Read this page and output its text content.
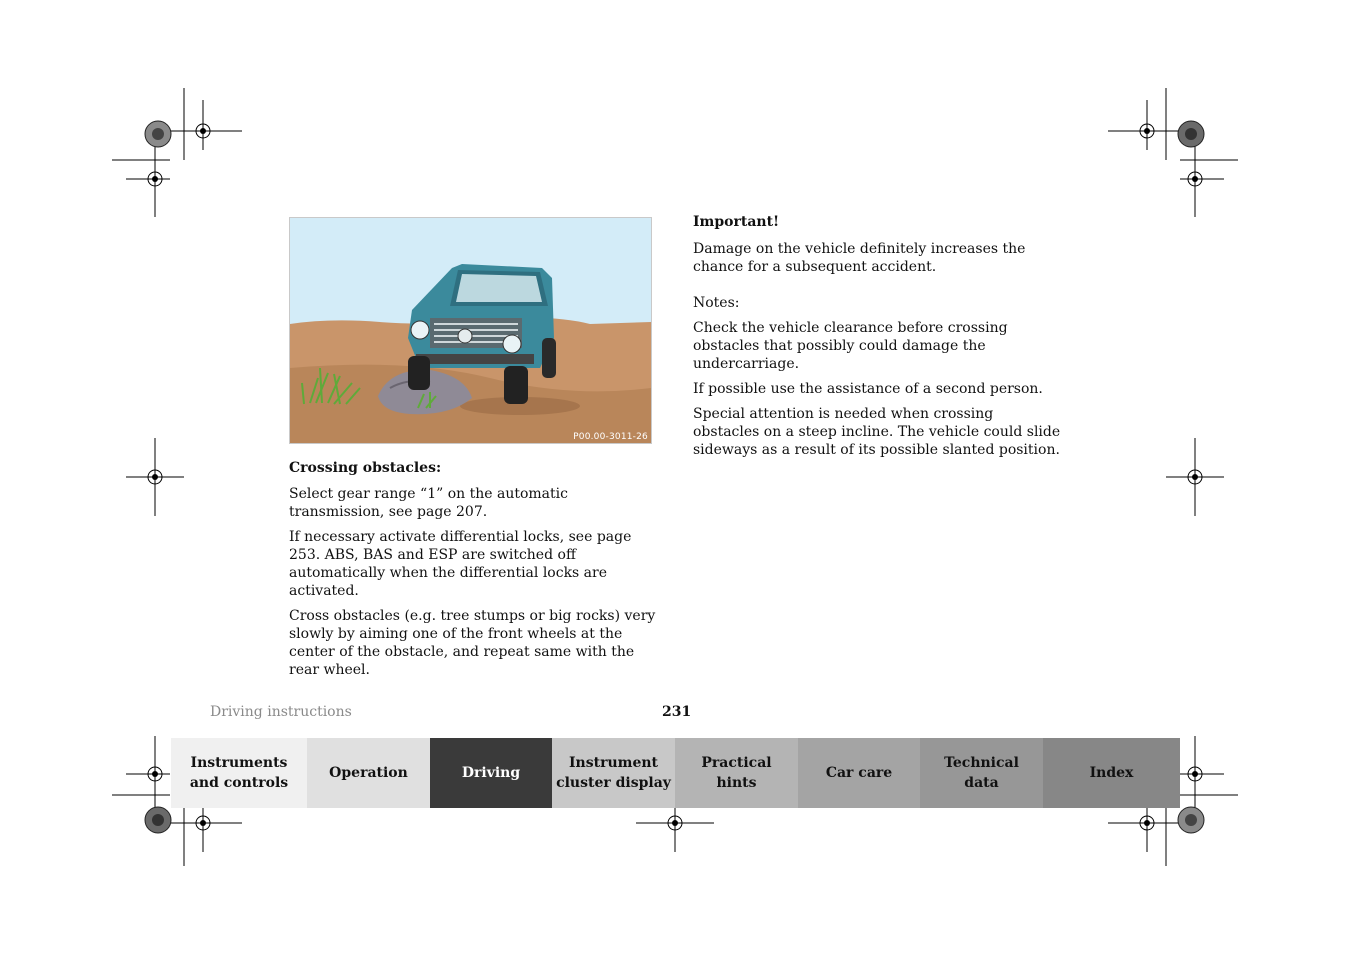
P00.00-3011-26

Crossing obstacles:

Select gear range “1” on the automatic transmission, see page 207.

If necessary activate differential locks, see page 253. ABS, BAS and ESP are switched off automatically when the differential locks are activated.

Cross obstacles (e.g. tree stumps or big rocks) very slowly by aiming one of the front wheels at the center of the obstacle, and repeat same with the rear wheel.

Important!

Damage on the vehicle definitely increases the chance for a subsequent accident.

Notes:

Check the vehicle clearance before crossing obstacles that possibly could damage the undercarriage.

If possible use the assistance of a second person.

Special attention is needed when crossing obstacles on a steep incline. The vehicle could slide sideways as a result of its possible slanted position.

Driving instructions	231
Instruments
and controls
Operation	Driving
Instrument
cluster display
Practical hints
Car care
Technical
data
Index
